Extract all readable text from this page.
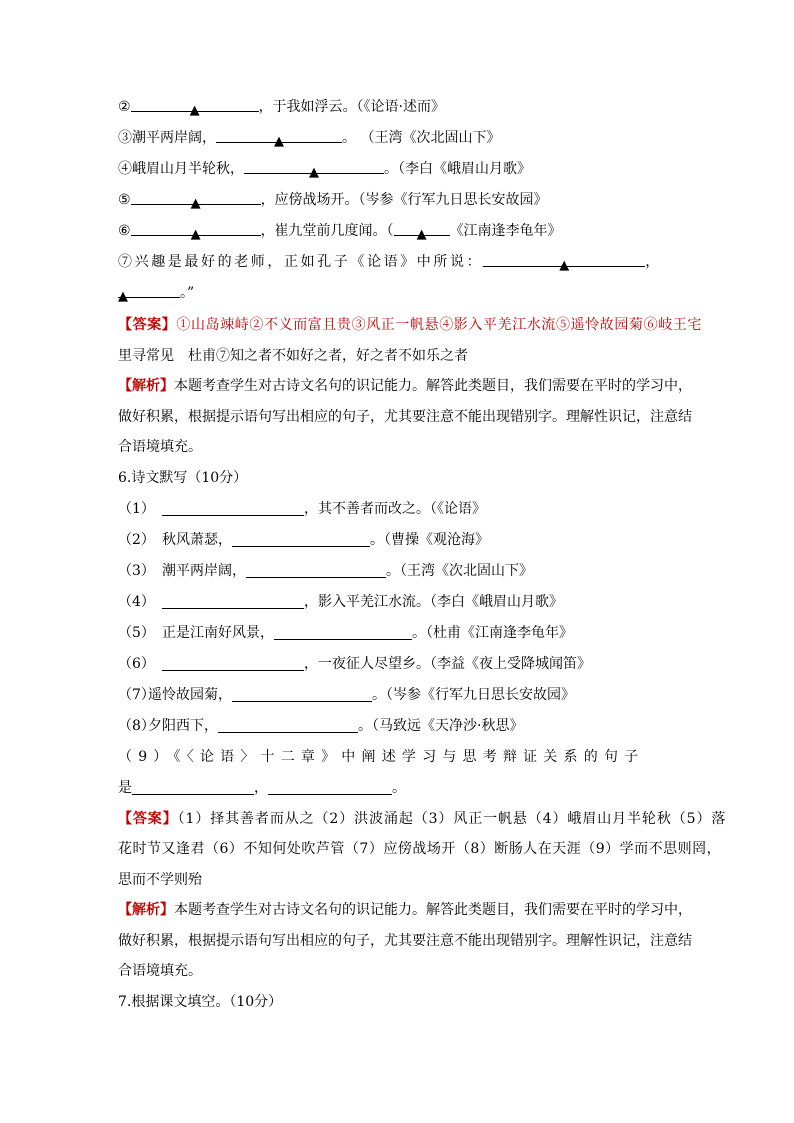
②	▲	，于我如浮云。（《论语·述而》
③潮平两岸阔，	▲	。 （王湾《次北固山下》
④峨眉山月半轮秋，	▲	。（李白《峨眉山月歌》
⑤	▲	，应傍战场开。（岑参《行军九日思长安故园》
⑥	▲	，崔九堂前几度闻。（ ▲ 《江南逢李龟年》
⑦兴趣是最好的老师，正如孔子《论语》中所说：	▲	，
▲	。”
【答案】①山岛竦峙②不义而富且贵③风正一帆悬④影入平羌江水流⑤遥怜故园菊⑥岐王宅
里寻常见　杜甫⑦知之者不如好之者，好之者不如乐之者
【解析】本题考查学生对古诗文名句的识记能力。解答此类题目，我们需要在平时的学习中，
做好积累，根据提示语句写出相应的句子，尤其要注意不能出现错别字。理解性识记，注意结
合语境填充。
6.诗文默写（10分）
（1）	，其不善者而改之。（《论语》
（2） 秋风萧瑟，	。（曹操《观沧海》
（3） 潮平两岸阔，	。（王湾《次北固山下》
（4）	，影入平羌江水流。（李白《峨眉山月歌》
（5） 正是江南好风景，	。（杜甫《江南逢李龟年》
（6）	，一夜征人尽望乡。（李益《夜上受降城闻笛》
（7）遥怜故园菊，	。（岑参《行军九日思长安故园》
（8）夕阳西下，	。（马致远《天净沙·秋思》
（9）《〈论语〉十二章》中阐述学习与思考辩证关系的句子
是	，	。
【答案】（1）择其善者而从之（2）洪波涌起（3）风正一帆悬（4）峨眉山月半轮秋（5）落
花时节又逢君（6）不知何处吹芦管（7）应傍战场开（8）断肠人在天涯（9）学而不思则罔，
思而不学则殆
【解析】本题考查学生对古诗文名句的识记能力。解答此类题目，我们需要在平时的学习中，
做好积累，根据提示语句写出相应的句子，尤其要注意不能出现错别字。理解性识记，注意结
合语境填充。
7.根据课文填空。（10分）
